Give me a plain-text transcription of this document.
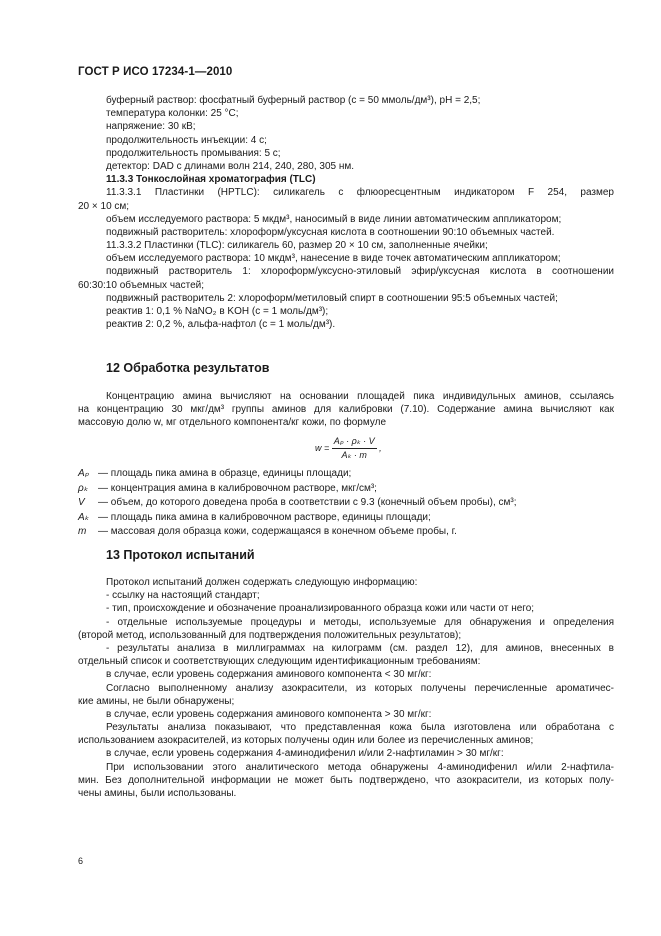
ГОСТ Р ИСО 17234-1—2010
буферный раствор: фосфатный буферный раствор (c = 50 ммоль/дм³), pH = 2,5;
температура колонки: 25 °C;
напряжение: 30 кВ;
продолжительность инъекции: 4 с;
продолжительность промывания: 5 с;
детектор: DAD с длинами волн 214, 240, 280, 305 нм.
11.3.3 Тонкослойная хроматография (TLC)
11.3.3.1 Пластинки (HPTLC): силикагель c флюоресцентным индикатором F 254, размер
20 × 10 см;
объем исследуемого раствора: 5 мкдм³, наносимый в виде линии автоматическим аппликатором;
подвижный растворитель: хлороформ/уксусная кислота в соотношении 90:10 объемных частей.
11.3.3.2 Пластинки (TLC): силикагель 60, размер 20 × 10 см, заполненные ячейки;
объем исследуемого раствора: 10 мкдм³, нанесение в виде точек автоматическим аппликатором;
подвижный растворитель 1: хлороформ/уксусно-этиловый эфир/уксусная кислота в соотношении
60:30:10 объемных частей;
подвижный растворитель 2: хлороформ/метиловый спирт в соотношении 95:5 объемных частей;
реактив 1: 0,1 % NaNO₂ в KOH (c = 1 моль/дм³);
реактив 2: 0,2 %, альфа-нафтол (c = 1 моль/дм³).
12 Обработка результатов
Концентрацию амина вычисляют на основании площадей пика индивидульных аминов, ссылаясь
на концентрацию 30 мкг/дм³ группы аминов для калибровки (7.10). Содержание амина вычисляют как
массовую долю w, мг отдельного компонента/кг кожи, по формуле
$w = \frac{\text{Aₚ · ρₖ · V}}{\text{Aₖ · m}}$ ,
Aₚ — площадь пика амина в образце, единицы площади;
ρₖ — концентрация амина в калибровочном растворе, мкг/см³;
V — объем, до которого доведена проба в соответствии с 9.3 (конечный объем пробы), см³;
Aₖ — площадь пика амина в калибровочном растворе, единицы площади;
m — массовая доля образца кожи, содержащаяся в конечном объеме пробы, г.
13 Протокол испытаний
Протокол испытаний должен содержать следующую информацию:
- ссылку на настоящий стандарт;
- тип, происхождение и обозначение проанализированного образца кожи или части от него;
- отдельные используемые процедуры и методы, используемые для обнаружения и определения
(второй метод, использованный для подтверждения положительных результатов);
- результаты анализа в миллиграммах на килограмм (см. раздел 12), для аминов, внесенных в
отдельный список и соответствующих следующим идентификационным требованиям:
в случае, если уровень содержания аминового компонента < 30 мг/кг:
Согласно выполненному анализу азокрасители, из которых получены перечисленные ароматичес-
кие амины, не были обнаружены;
в случае, если уровень содержания аминового компонента > 30 мг/кг:
Результаты анализа показывают, что представленная кожа была изготовлена или обработана с
использованием азокрасителей, из которых получены один или более из перечисленных аминов;
в случае, если уровень содержания 4-аминодифенил и/или 2-нафтиламин > 30 мг/кг:
При использовании этого аналитического метода обнаружены 4-аминодифенил и/или 2-нафтила-
мин. Без дополнительной информации не может быть подтверждено, что азокрасители, из которых полу-
чены амины, были использованы.
6
